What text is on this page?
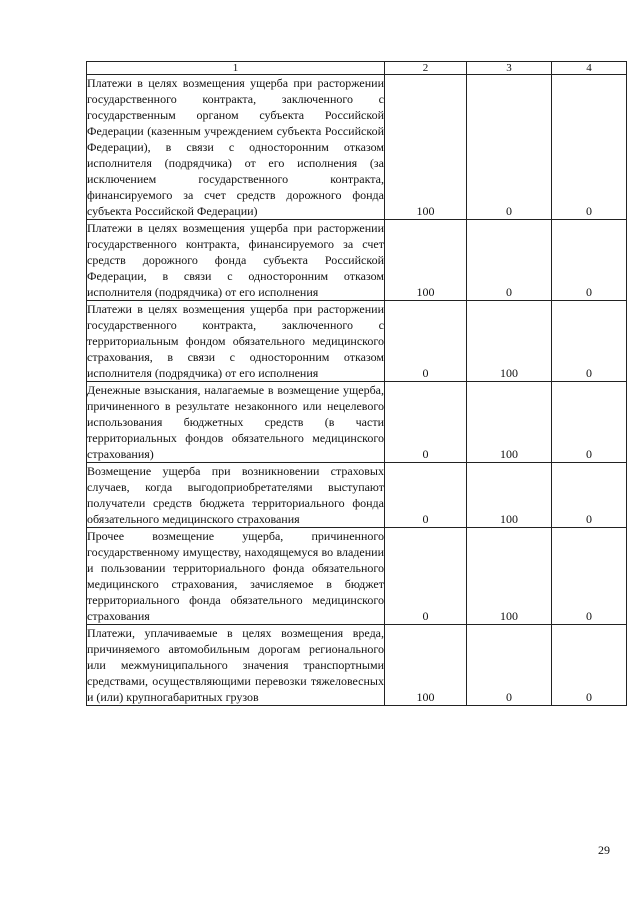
1	2	3	4

Платежи в целях возмещения ущерба при расторжении государственного контракта, заключенного с государственным органом субъекта Российской Федерации (казенным учреждением субъекта Российской Федерации), в связи с односторонним отказом исполнителя (подрядчика) от его исполнения (за исключением государственного контракта, финансируемого за счет средств дорожного фонда субъекта Российской Федерации)	100	0	0

Платежи в целях возмещения ущерба при расторжении государственного контракта, финансируемого за счет средств дорожного фонда субъекта Российской Федерации, в связи с односторонним отказом исполнителя (подрядчика) от его исполнения	100	0	0

Платежи в целях возмещения ущерба при расторжении государственного контракта, заключенного с территориальным фондом обязательного медицинского страхования, в связи с односторонним отказом исполнителя (подрядчика) от его исполнения	0	100	0

Денежные взыскания, налагаемые в возмещение ущерба, причиненного в результате незаконного или нецелевого использования бюджетных средств (в части территориальных фондов обязательного медицинского страхования)	0	100	0

Возмещение ущерба при возникновении страховых случаев, когда выгодоприобретателями выступают получатели средств бюджета территориального фонда обязательного медицинского страхования	0	100	0

Прочее возмещение ущерба, причиненного государственному имуществу, находящемуся во владении и пользовании территориального фонда обязательного медицинского страхования, зачисляемое в бюджет территориального фонда обязательного медицинского страхования	0	100	0

Платежи, уплачиваемые в целях возмещения вреда, причиняемого автомобильным дорогам регионального или межмуниципального значения транспортными средствами, осуществляющими перевозки тяжеловесных и (или) крупногабаритных грузов	100	0	0
29
